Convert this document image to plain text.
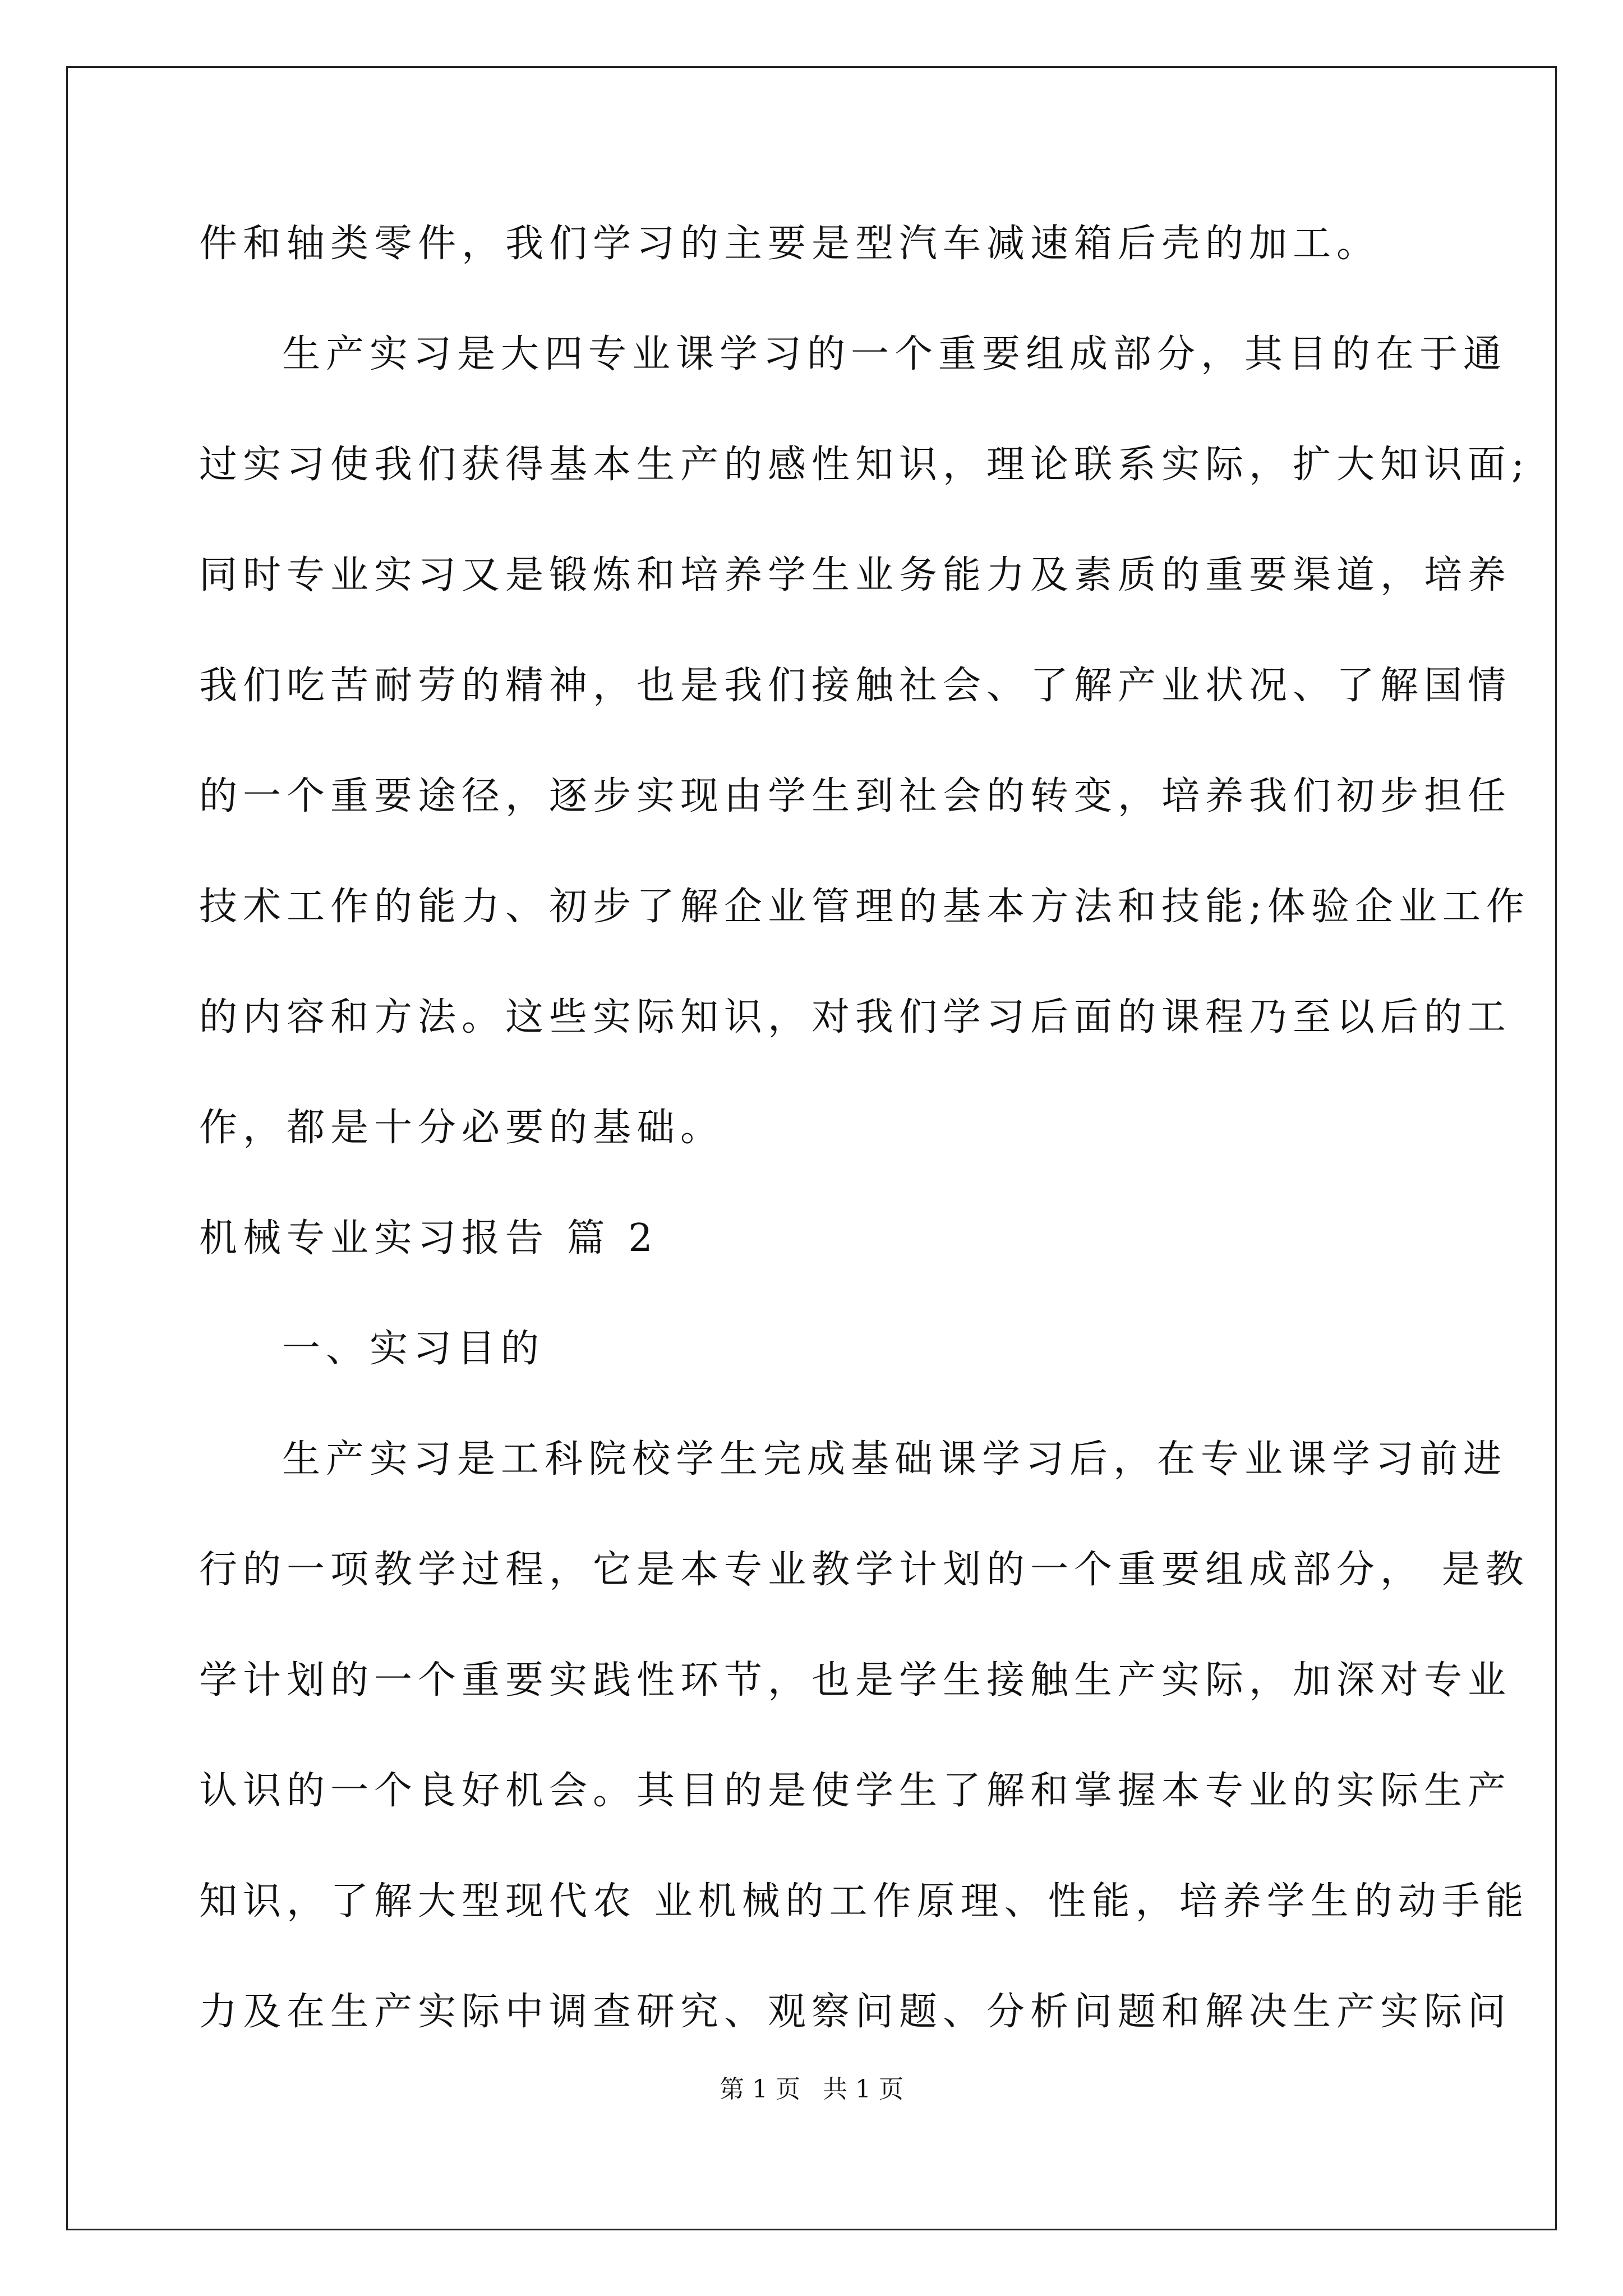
件和轴类零件，我们学习的主要是型汽车减速箱后壳的加工。
生产实习是大四专业课学习的一个重要组成部分，其目的在于通
过实习使我们获得基本生产的感性知识，理论联系实际，扩大知识面;
同时专业实习又是锻炼和培养学生业务能力及素质的重要渠道，培养
我们吃苦耐劳的精神，也是我们接触社会、了解产业状况、了解国情
的一个重要途径，逐步实现由学生到社会的转变，培养我们初步担任
技术工作的能力、初步了解企业管理的基本方法和技能;体验企业工作
的内容和方法。这些实际知识，对我们学习后面的课程乃至以后的工
作，都是十分必要的基础。
机械专业实习报告 篇 2
一、实习目的
生产实习是工科院校学生完成基础课学习后，在专业课学习前进
行的一项教学过程，它是本专业教学计划的一个重要组成部分， 是教
学计划的一个重要实践性环节，也是学生接触生产实际，加深对专业
认识的一个良好机会。其目的是使学生了解和掌握本专业的实际生产
知识，了解大型现代农 业机械的工作原理、性能，培养学生的动手能
力及在生产实际中调查研究、观察问题、分析问题和解决生产实际问
第 1 页 共 1 页
